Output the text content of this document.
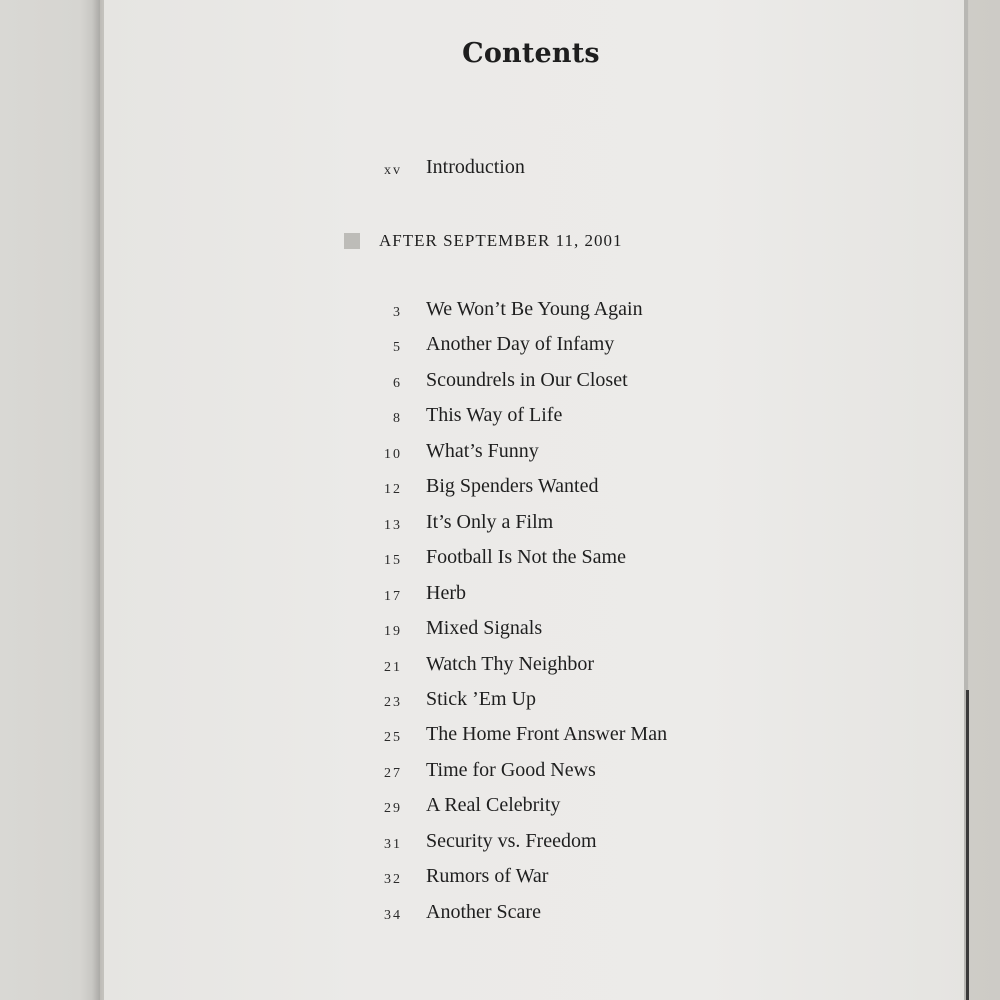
Contents
xv Introduction
AFTER SEPTEMBER 11, 2001
3 We Won’t Be Young Again
5 Another Day of Infamy
6 Scoundrels in Our Closet
8 This Way of Life
10 What’s Funny
12 Big Spenders Wanted
13 It’s Only a Film
15 Football Is Not the Same
17 Herb
19 Mixed Signals
21 Watch Thy Neighbor
23 Stick ’Em Up
25 The Home Front Answer Man
27 Time for Good News
29 A Real Celebrity
31 Security vs. Freedom
32 Rumors of War
34 Another Scare
